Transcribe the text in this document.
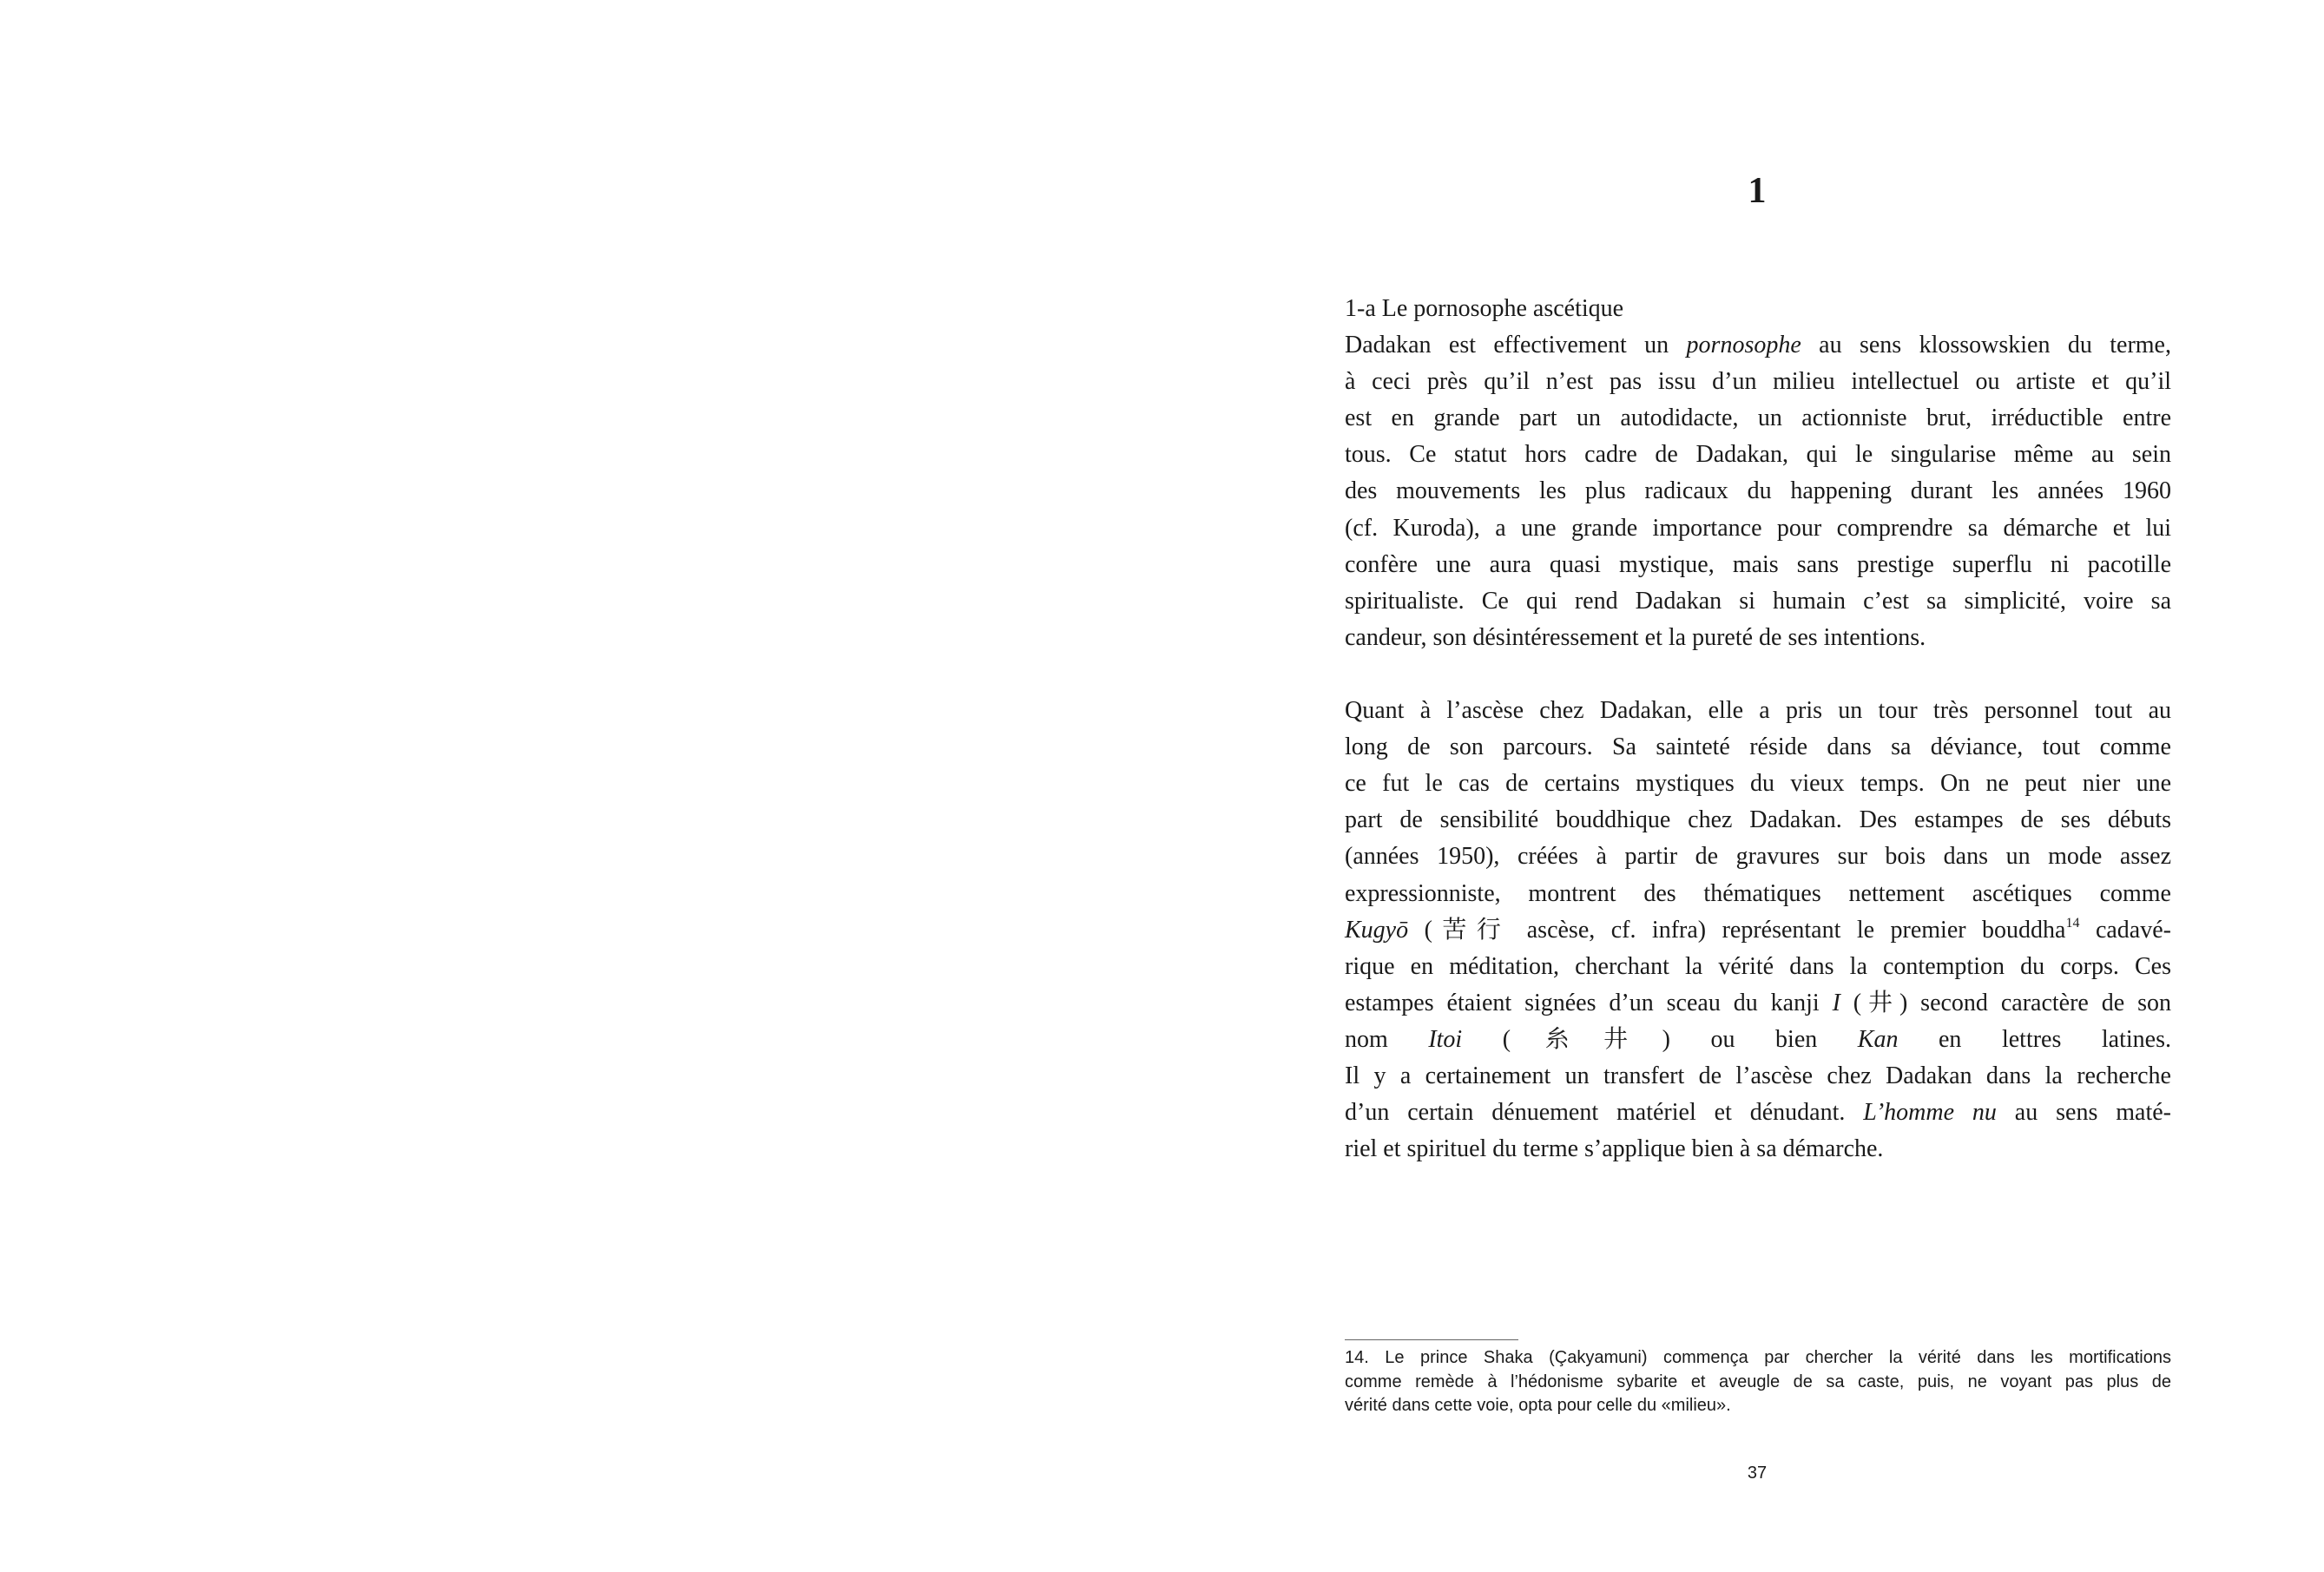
1
1-a Le pornosophe ascétique
Dadakan est effectivement un pornosophe au sens klossowskien du terme,
à ceci près qu’il n’est pas issu d’un milieu intellectuel ou artiste et qu’il
est en grande part un autodidacte, un actionniste brut, irréductible entre
tous. Ce statut hors cadre de Dadakan, qui le singularise même au sein
des mouvements les plus radicaux du happening durant les années 1960
(cf. Kuroda), a une grande importance pour comprendre sa démarche et lui
confère une aura quasi mystique, mais sans prestige superflu ni pacotille
spiritualiste. Ce qui rend Dadakan si humain c’est sa simplicité, voire sa
candeur, son désintéressement et la pureté de ses intentions.
Quant à l’ascèse chez Dadakan, elle a pris un tour très personnel tout au
long de son parcours. Sa sainteté réside dans sa déviance, tout comme
ce fut le cas de certains mystiques du vieux temps. On ne peut nier une
part de sensibilité bouddhique chez Dadakan. Des estampes de ses débuts
(années 1950), créées à partir de gravures sur bois dans un mode assez
expressionniste, montrent des thématiques nettement ascétiques comme
Kugyō (苦行 ascèse, cf. infra) représentant le premier bouddha$^{14}$ cadavé-
rique en méditation, cherchant la vérité dans la contemption du corps. Ces
estampes étaient signées d’un sceau du kanji I (井) second caractère de son
nom Itoi (糸井) ou bien Kan en lettres latines.
Il y a certainement un transfert de l’ascèse chez Dadakan dans la recherche
d’un certain dénuement matériel et dénudant. L’homme nu au sens maté-
riel et spirituel du terme s’applique bien à sa démarche.
14. Le prince Shaka (Çakyamuni) commença par chercher la vérité dans les mortifications
comme remède à l’hédonisme sybarite et aveugle de sa caste, puis, ne voyant pas plus de
vérité dans cette voie, opta pour celle du «milieu».
37
